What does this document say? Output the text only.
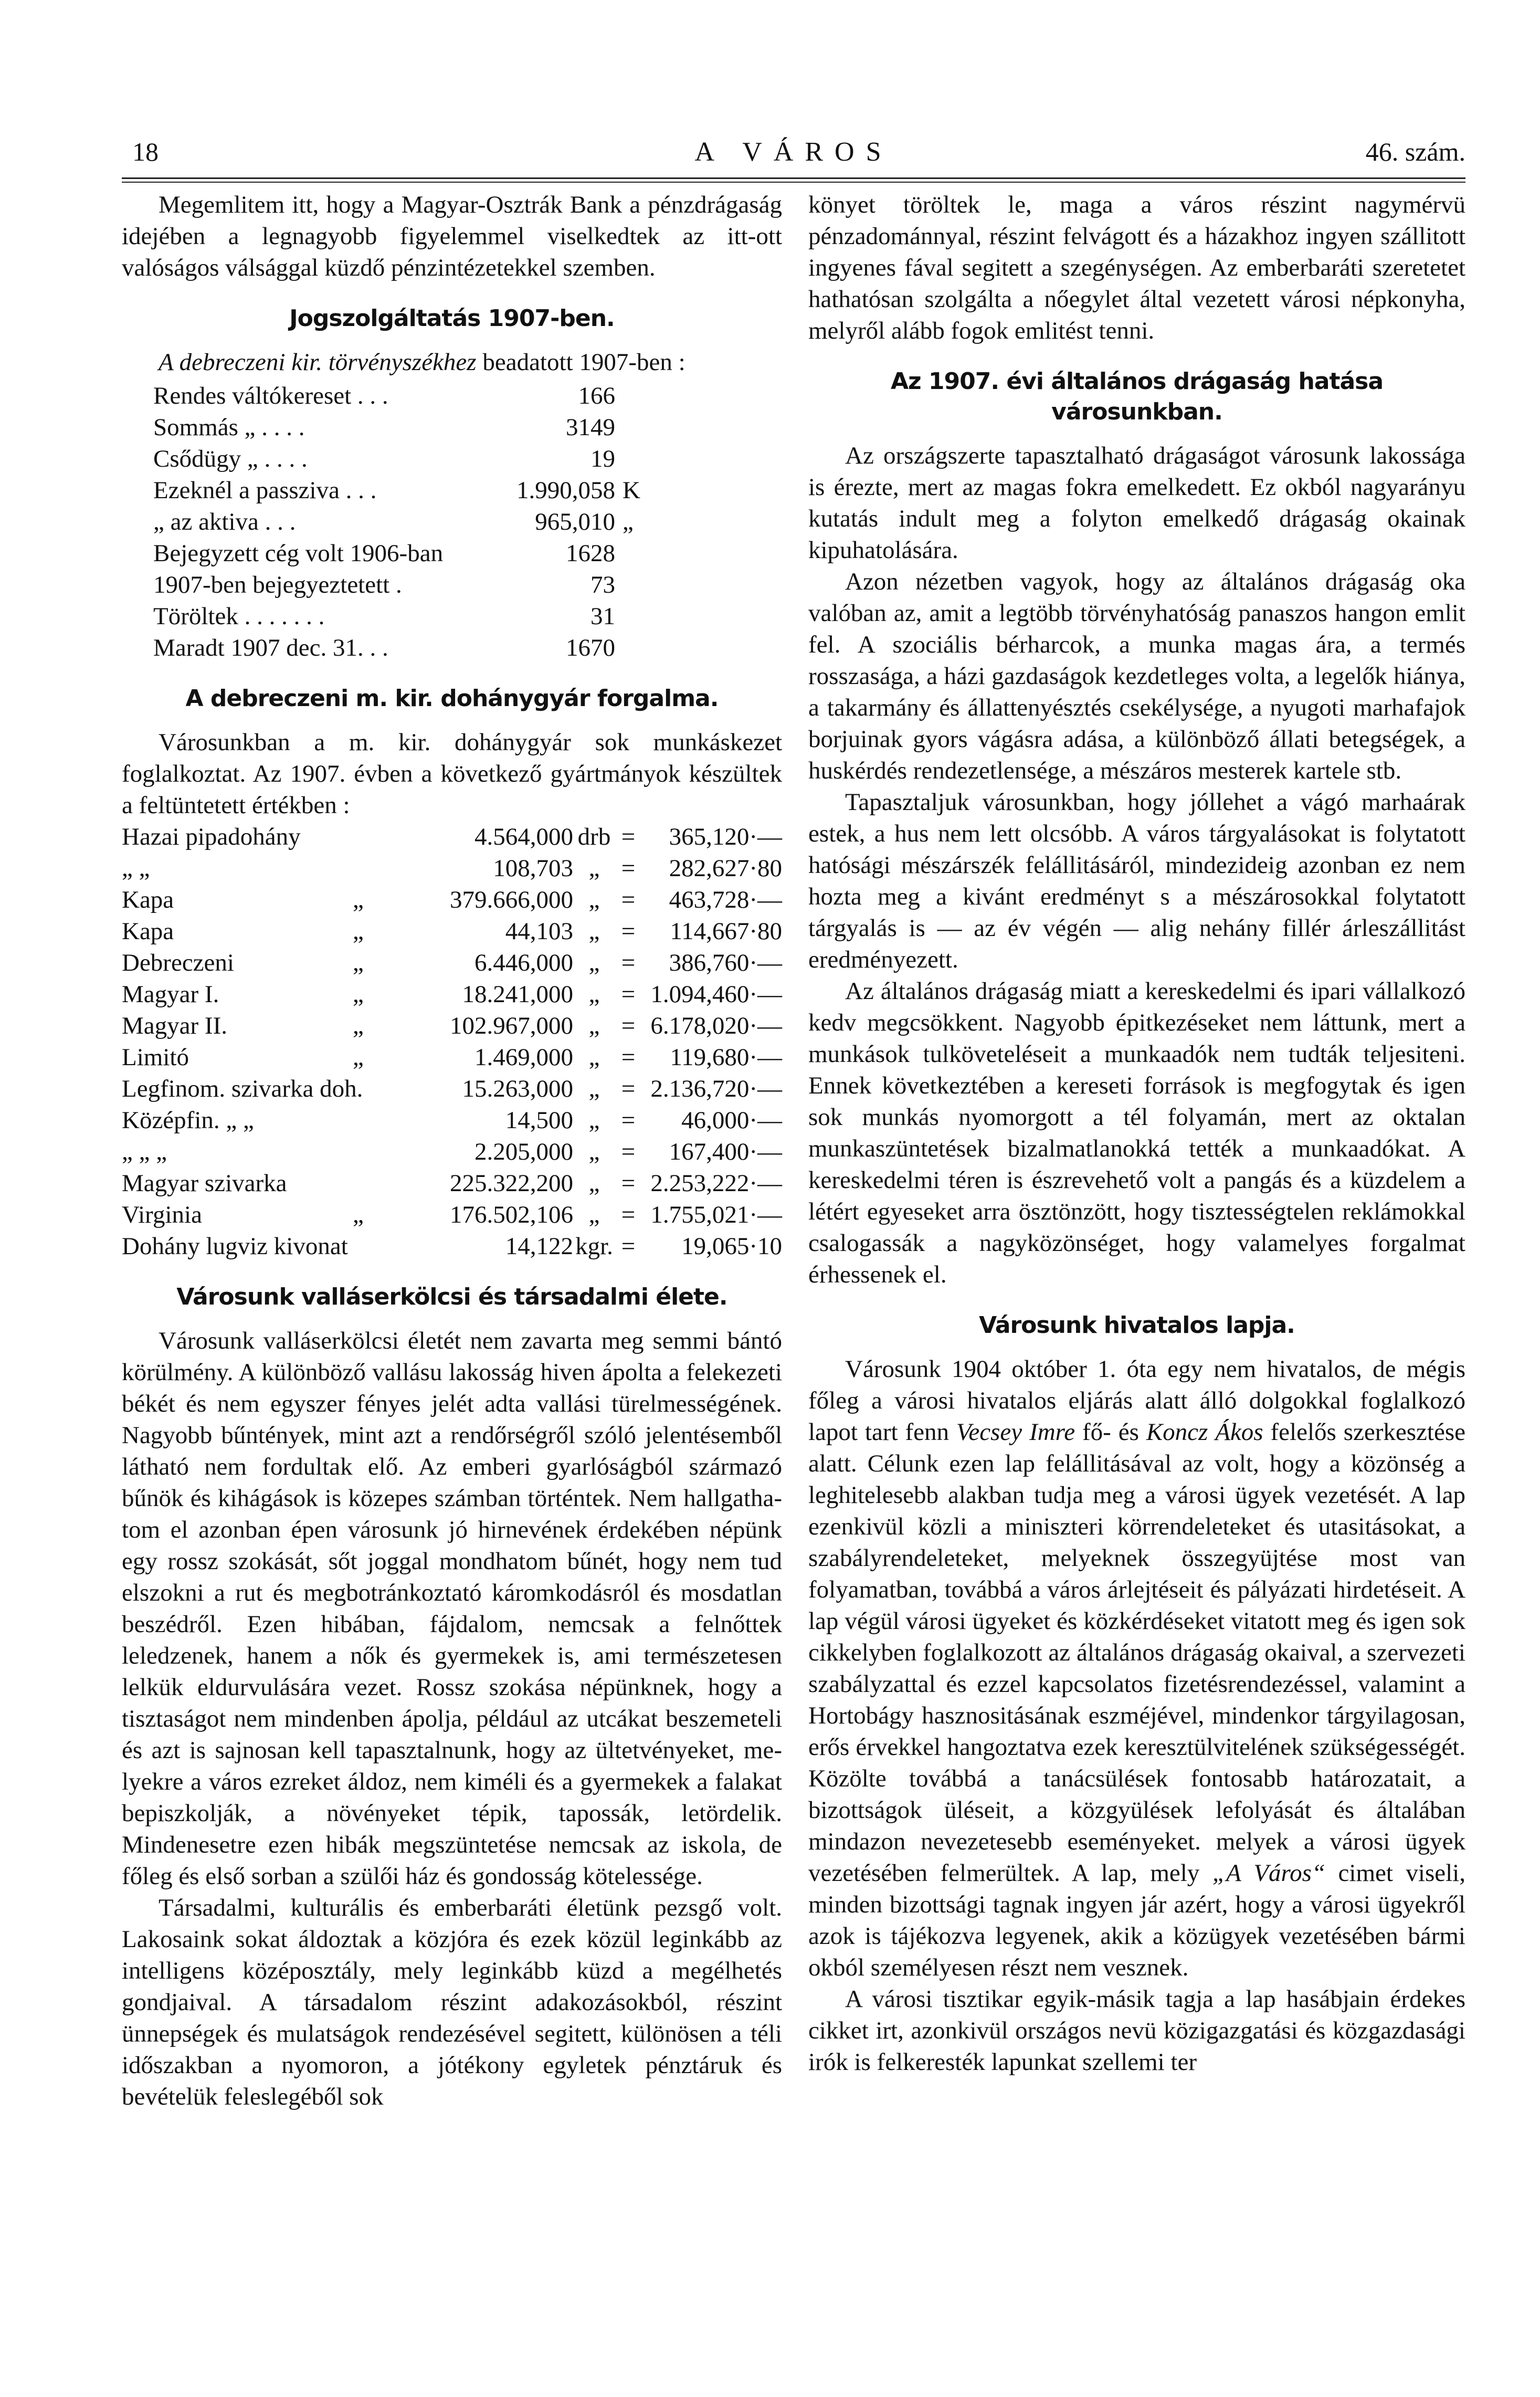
18	A VÁROS	46. szám.

Megemlitem itt, hogy a Magyar-Osztrák Bank a pénzdrágaság idejében a legnagyobb figyelemmel viselkedtek az itt-ott valóságos válsággal küzdő pénzintézetekkel szemben.

Jogszolgáltatás 1907-ben.

A debreczeni kir. törvényszékhez beadatott 1907-ben :

Rendes váltókereset . . .	166	
Sommás „ . . . .	3149	
Csődügy „ . . . .	19	
Ezeknél a passziva . . .	1.990,058	K
„ az aktiva . . .	965,010	„
Bejegyzett cég volt 1906-ban	1628	
1907-ben bejegyeztetett .	73	
Töröltek . . . . . . .	31	
Maradt 1907 dec. 31. . .	1670	
A debreczeni m. kir. dohánygyár forgalma.

Városunkban a m. kir. dohánygyár sok munkáskezet foglalkoztat. Az 1907. évben a következő gyártmányok készültek a feltüntetett értékben :

Hazai pipadohány		4.564,000	drb	=	365,120·—
„ „		108,703	„	=	282,627·80
Kapa	„	379.666,000	„	=	463,728·—
Kapa	„	44,103	„	=	114,667·80
Debreczeni	„	6.446,000	„	=	386,760·—
Magyar I.	„	18.241,000	„	=	1.094,460·—
Magyar II.	„	102.967,000	„	=	6.178,020·—
Limitó	„	1.469,000	„	=	119,680·—
Legfinom. szivarka doh.		15.263,000	„	=	2.136,720·—
Középfin. „ „		14,500	„	=	46,000·—
„ „ „		2.205,000	„	=	167,400·—
Magyar szivarka		225.322,200	„	=	2.253,222·—
Virginia	„	176.502,106	„	=	1.755,021·—
Dohány lugviz kivonat		14,122	kgr.	=	19,065·10
Városunk valláserkölcsi és társadalmi élete.

Városunk valláserkölcsi életét nem zavarta meg semmi bántó körülmény. A különböző vallásu lakosság hiven ápolta a felekezeti békét és nem egyszer fényes jelét adta vallási türelmességének. Nagyobb bűntények, mint azt a rendőrségről szóló jelentésemből látható nem fordultak elő. Az emberi gyarlóságból származó bűnök és kihágások is közepes számban történtek. Nem hallgathatom el azonban épen városunk jó hirnevének érdekében népünk egy rossz szokását, sőt joggal mondhatom bűnét, hogy nem tud elszokni a rut és megbotránkoztató káromkodásról és mosdatlan beszédről. Ezen hibában, fájdalom, nemcsak a felnőttek leledzenek, hanem a nők és gyermekek is, ami természetesen lelkük eldurvulására vezet. Rossz szokása népünknek, hogy a tisztaságot nem mindenben ápolja, például az utcákat beszemeteli és azt is sajnosan kell tapasztalnunk, hogy az ültetvényeket, melyekre a város ezreket áldoz, nem kiméli és a gyermekek a falakat bepiszkolják, a növényeket tépik, tapossák, letördelik. Mindenesetre ezen hibák megszüntetése nemcsak az iskola, de főleg és első sorban a szülői ház és gondosság kötelessége.

Társadalmi, kulturális és emberbaráti életünk pezsgő volt. Lakosaink sokat áldoztak a közjóra és ezek közül leginkább az intelligens középosztály, mely leginkább küzd a megélhetés gondjaival. A társadalom részint adakozásokból, részint ünnepségek és mulatságok rendezésével segitett, különösen a téli időszakban a nyomoron, a jótékony egyletek pénztáruk és bevételük feleslegéből sok

könyet töröltek le, maga a város részint nagymérvü pénzadománnyal, részint felvágott és a házakhoz ingyen szállitott ingyenes fával segitett a szegénységen. Az emberbaráti szeretetet hathatósan szolgálta a nőegylet által vezetett városi népkonyha, melyről alább fogok emlitést tenni.

Az 1907. évi általános drágaság hatása városunkban.

Az országszerte tapasztalható drágaságot városunk lakossága is érezte, mert az magas fokra emelkedett. Ez okból nagyarányu kutatás indult meg a folyton emelkedő drágaság okainak kipuhatolására.

Azon nézetben vagyok, hogy az általános drágaság oka valóban az, amit a legtöbb törvényhatóság panaszos hangon emlit fel. A szociális bérharcok, a munka magas ára, a termés rosszasága, a házi gazdaságok kezdetleges volta, a legelők hiánya, a takarmány és állattenyésztés csekélysége, a nyugoti marhafajok borjuinak gyors vágásra adása, a különböző állati betegségek, a huskérdés rendezetlensége, a mészáros mesterek kartele stb.

Tapasztaljuk városunkban, hogy jóllehet a vágó marhaárak estek, a hus nem lett olcsóbb. A város tárgyalásokat is folytatott hatósági mészárszék felállitásáról, mindezideig azonban ez nem hozta meg a kivánt eredményt s a mészárosokkal folytatott tárgyalás is — az év végén — alig nehány fillér árleszállitást eredményezett.

Az általános drágaság miatt a kereskedelmi és ipari vállalkozó kedv megcsökkent. Nagyobb épitkezéseket nem láttunk, mert a munkások tulköveteléseit a munkaadók nem tudták teljesiteni. Ennek következtében a kereseti források is megfogytak és igen sok munkás nyomorgott a tél folyamán, mert az oktalan munkaszüntetések bizalmatlanokká tették a munkaadókat. A kereskedelmi téren is észrevehető volt a pangás és a küzdelem a létért egyeseket arra ösztönzött, hogy tisztességtelen reklámokkal csalogassák a nagyközönséget, hogy valamelyes forgalmat érhessenek el.

Városunk hivatalos lapja.

Városunk 1904 október 1. óta egy nem hivatalos, de mégis főleg a városi hivatalos eljárás alatt álló dolgokkal foglalkozó lapot tart fenn Vecsey Imre fő- és Koncz Ákos felelős szerkesztése alatt. Célunk ezen lap felállitásával az volt, hogy a közönség a leghitelesebb alakban tudja meg a városi ügyek vezetését. A lap ezenkivül közli a miniszteri körrendeleteket és utasitásokat, a szabályrendeleteket, melyeknek összegyüjtése most van folyamatban, továbbá a város árlejtéseit és pályázati hirdetéseit. A lap végül városi ügyeket és közkérdéseket vitatott meg és igen sok cikkelyben foglalkozott az általános drágaság okaival, a szervezeti szabályzattal és ezzel kapcsolatos fizetésrendezéssel, valamint a Hortobágy hasznositásának eszméjével, mindenkor tárgyilagosan, erős érvekkel hangoztatva ezek keresztülvitelének szükségességét. Közölte továbbá a tanácsülések fontosabb határozatait, a bizottságok üléseit, a közgyülések lefolyását és általában mindazon nevezetesebb eseményeket. melyek a városi ügyek vezetésében felmerültek. A lap, mely „A Város“ cimet viseli, minden bizottsági tagnak ingyen jár azért, hogy a városi ügyekről azok is tájékozva legyenek, akik a közügyek vezetésében bármi okból személyesen részt nem vesznek.

A városi tisztikar egyik-másik tagja a lap hasábjain érdekes cikket irt, azonkivül országos nevü közigazgatási és közgazdasági irók is felkeresték lapunkat szellemi ter
